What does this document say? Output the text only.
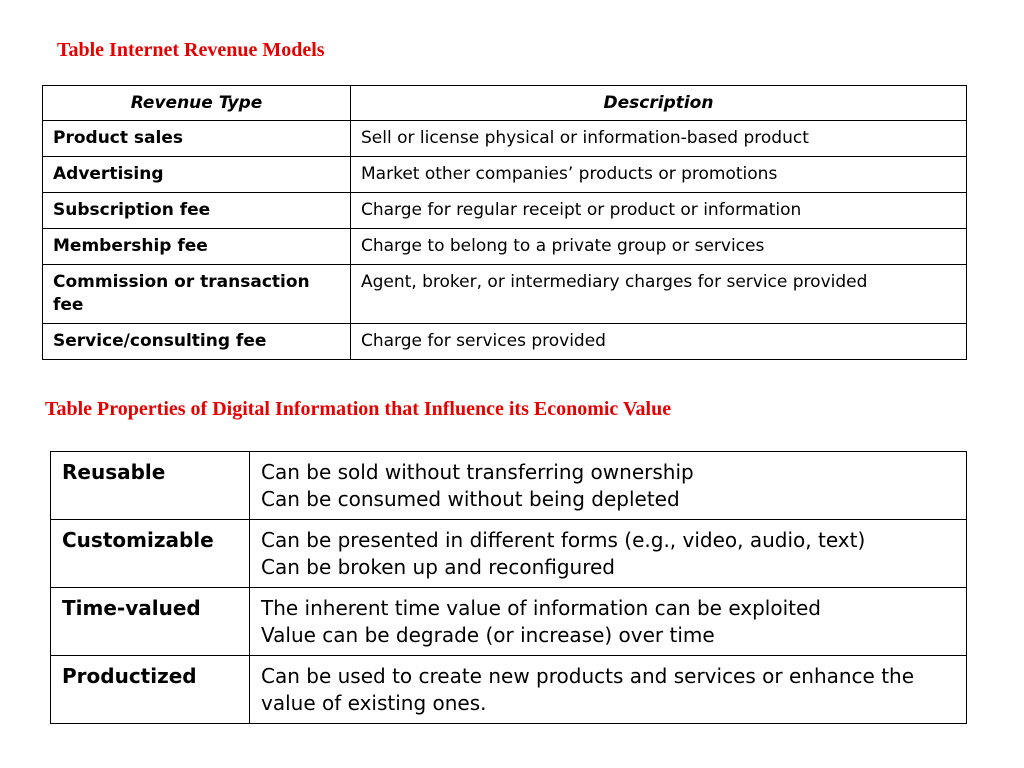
Table Internet Revenue Models
Revenue Type	Description
Product sales	Sell or license physical or information-based product
Advertising	Market other companies’ products or promotions
Subscription fee	Charge for regular receipt or product or information
Membership fee	Charge to belong to a private group or services
Commission or transaction fee	Agent, broker, or intermediary charges for service provided
Service/consulting fee	Charge for services provided
Table Properties of Digital Information that Influence its Economic Value
Reusable	Can be sold without transferring ownership
Can be consumed without being depleted

Customizable	Can be presented in different forms (e.g., video, audio, text)
Can be broken up and reconfigured

Time-valued	The inherent time value of information can be exploited
Value can be degrade (or increase) over time

Productized	Can be used to create new products and services or enhance the value of existing ones.
